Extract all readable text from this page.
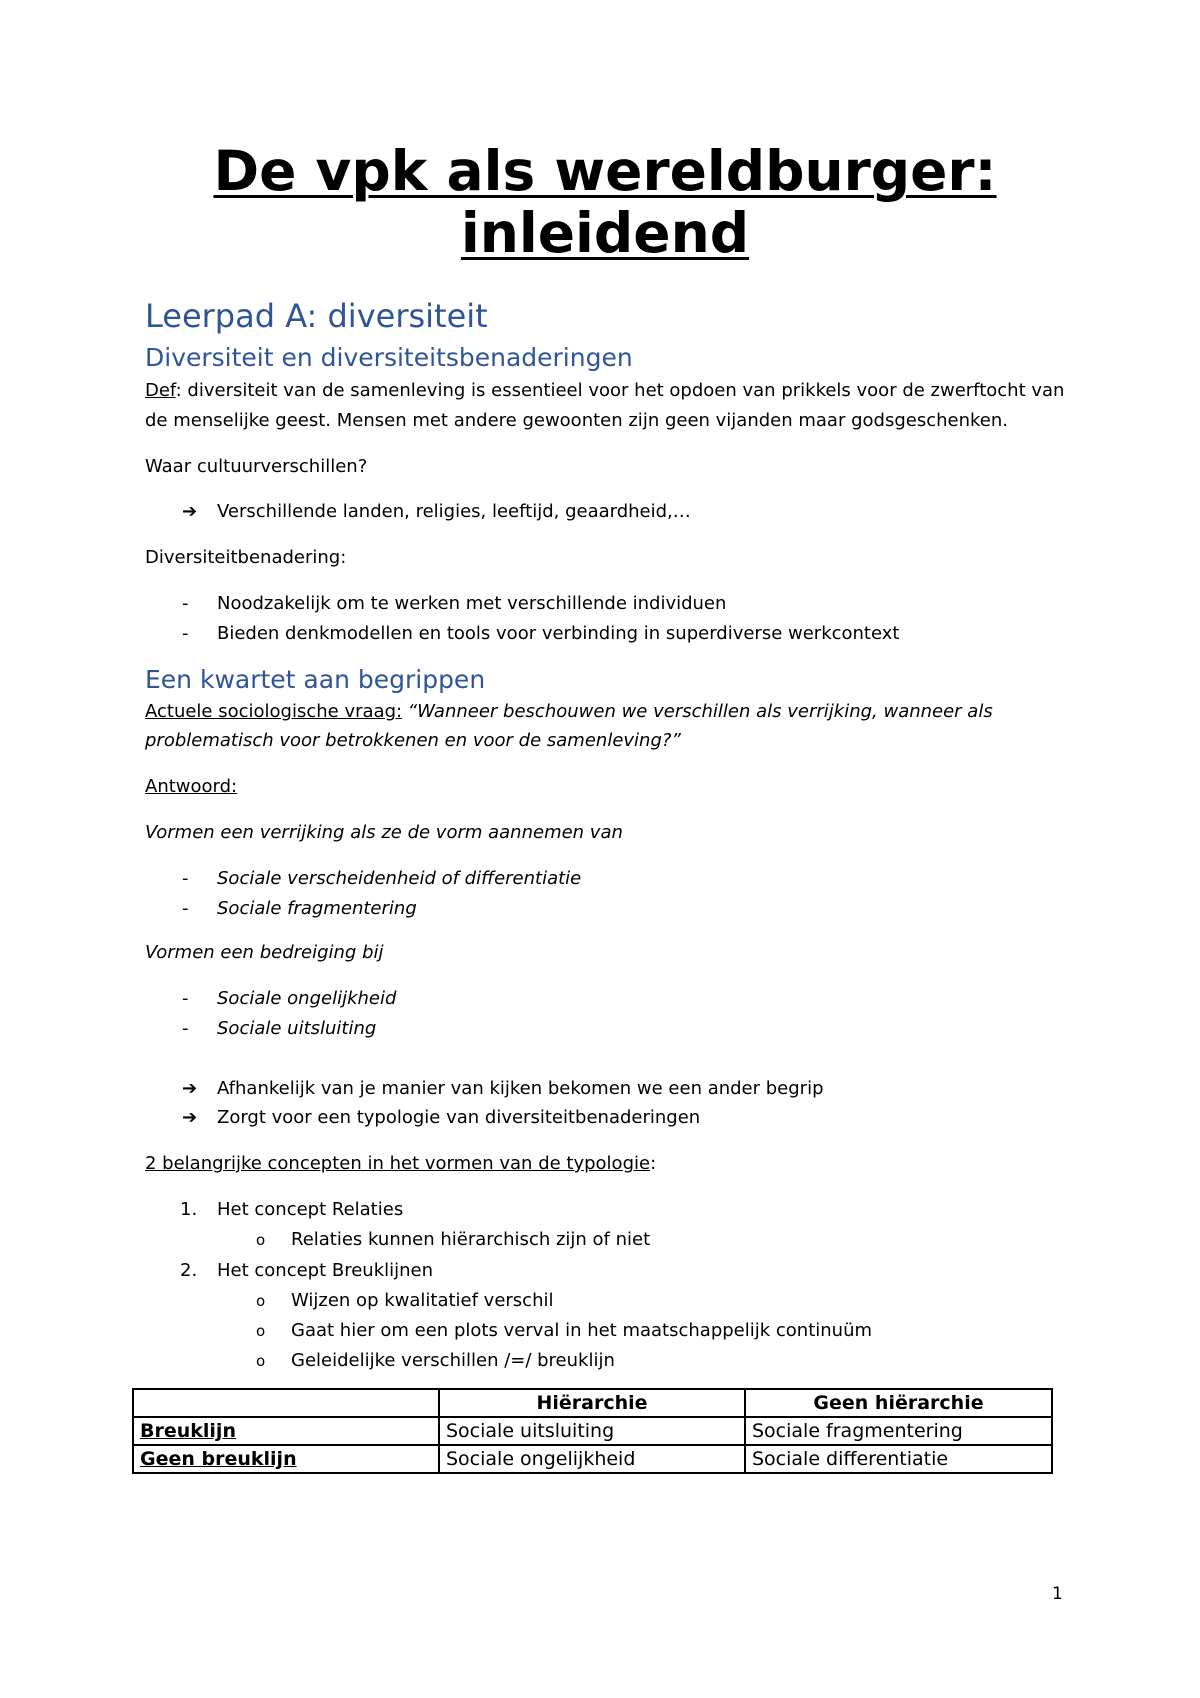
De vpk als wereldburger:
inleidend
Leerpad A: diversiteit
Diversiteit en diversiteitsbenaderingen

Def: diversiteit van de samenleving is essentieel voor het opdoen van prikkels voor de zwerftocht van

de menselijke geest. Mensen met andere gewoonten zijn geen vijanden maar godsgeschenken.

Waar cultuurverschillen?

➔ Verschillende landen, religies, leeftijd, geaardheid,…

Diversiteitbenadering:

- Noodzakelijk om te werken met verschillende individuen
- Bieden denkmodellen en tools voor verbinding in superdiverse werkcontext
Een kwartet aan begrippen

Actuele sociologische vraag: “Wanneer beschouwen we verschillen als verrijking, wanneer als

problematisch voor betrokkenen en voor de samenleving?”

Antwoord:

Vormen een verrijking als ze de vorm aannemen van

- Sociale verscheidenheid of differentiatie
- Sociale fragmentering

Vormen een bedreiging bij

- Sociale ongelijkheid
- Sociale uitsluiting
➔ Afhankelijk van je manier van kijken bekomen we een ander begrip
➔ Zorgt voor een typologie van diversiteitbenaderingen

2 belangrijke concepten in het vormen van de typologie:

1. Het concept Relaties
o Relaties kunnen hiërarchisch zijn of niet
2. Het concept Breuklijnen
o Wijzen op kwalitatief verschil
o Gaat hier om een plots verval in het maatschappelijk continuüm
o Geleidelijke verschillen /=/ breuklijn
	Hiërarchie	Geen hiërarchie
Breuklijn	Sociale uitsluiting	Sociale fragmentering
Geen breuklijn	Sociale ongelijkheid	Sociale differentiatie
1
